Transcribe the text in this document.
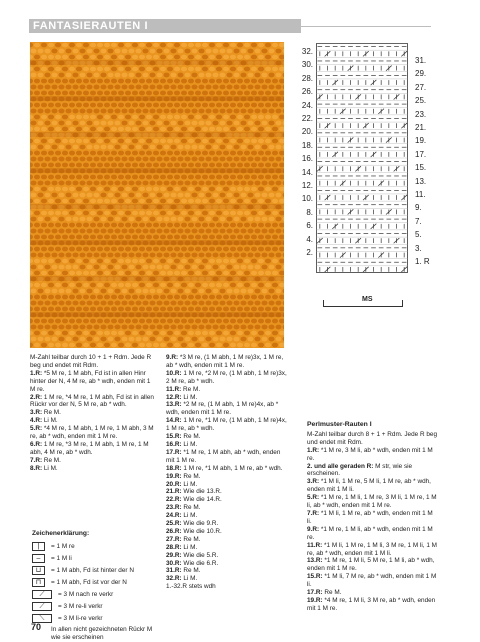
FANTASIERAUTEN I
32.
30.
28.
26.
24.
22.
20.
18.
16.
14.
12.
10.
8.
6.
4.
2.
31.
29.
27.
25.
23.
21.
19.
17.
15.
13.
11.
9.
7.
5.
3.
1. R
MS

M-Zahl teilbar durch 10 + 1 + Rdm. Jede R beg und endet mit Rdm.

1.R: *5 M re, 1 M abh, Fd ist in allen Hinr hinter der N, 4 M re, ab * wdh, enden mit 1 M re.

2.R: 1 M re, *4 M re, 1 M abh, Fd ist in allen Rückr vor der N, 5 M re, ab * wdh.

3.R: Re M.

4.R: Li M.

5.R: *4 M re, 1 M abh, 1 M re, 1 M abh, 3 M re, ab * wdh, enden mit 1 M re.

6.R: 1 M re, *3 M re, 1 M abh, 1 M re, 1 M abh, 4 M re, ab * wdh.

7.R: Re M.

8.R: Li M.

Zeichenerklärung:
|	= 1 M re
–	= 1 M li
⊔	= 1 M abh, Fd ist hinter der N
⊓	= 1 M abh, Fd ist vor der N
⟋	= 3 M nach re verkr
⟋	= 3 M re-li verkr
⟍	= 3 M li-re verkr
In allen nicht gezeichneten Rückr M wie sie erscheinen

9.R: *3 M re, (1 M abh, 1 M re)3x, 1 M re, ab * wdh, enden mit 1 M re.

10.R: 1 M re, *2 M re, (1 M abh, 1 M re)3x, 2 M re, ab * wdh.

11.R: Re M.

12.R: Li M.

13.R: *2 M re, (1 M abh, 1 M re)4x, ab * wdh, enden mit 1 M re.

14.R: 1 M re, *1 M re, (1 M abh, 1 M re)4x, 1 M re, ab * wdh.

15.R: Re M.

16.R: Li M.

17.R: *1 M re, 1 M abh, ab * wdh, enden mit 1 M re.

18.R: 1 M re, *1 M abh, 1 M re, ab * wdh.

19.R: Re M.

20.R: Li M.

21.R: Wie die 13.R.

22.R: Wie die 14.R.

23.R: Re M.

24.R: Li M.

25.R: Wie die 9.R.

26.R: Wie die 10.R.

27.R: Re M.

28.R: Li M.

29.R: Wie die 5.R.

30.R: Wie die 6.R.

31.R: Re M.

32.R: Li M.

1.-32.R stets wdh

Perlmuster-Rauten I

M-Zahl teilbar durch 8 + 1 + Rdm. Jede R beg und endet mit Rdm.

1.R: *1 M re, 3 M li, ab * wdh, enden mit 1 M re.

2. und alle geraden R: M str, wie sie erscheinen.

3.R: *1 M li, 1 M re, 5 M li, 1 M re, ab * wdh, enden mit 1 M li.

5.R: *1 M re, 1 M li, 1 M re, 3 M li, 1 M re, 1 M li, ab * wdh, enden mit 1 M re.

7.R: *1 M li, 1 M re, ab * wdh, enden mit 1 M li.

9.R: *1 M re, 1 M li, ab * wdh, enden mit 1 M re.

11.R: *1 M li, 1 M re, 1 M li, 3 M re, 1 M li, 1 M re, ab * wdh, enden mit 1 M li.

13.R: *1 M re, 1 M li, 5 M re, 1 M li, ab * wdh, enden mit 1 M re.

15.R: *1 M li, 7 M re, ab * wdh, enden mit 1 M li.

17.R: Re M.

19.R: *4 M re, 1 M li, 3 M re, ab * wdh, enden mit 1 M re.

70
